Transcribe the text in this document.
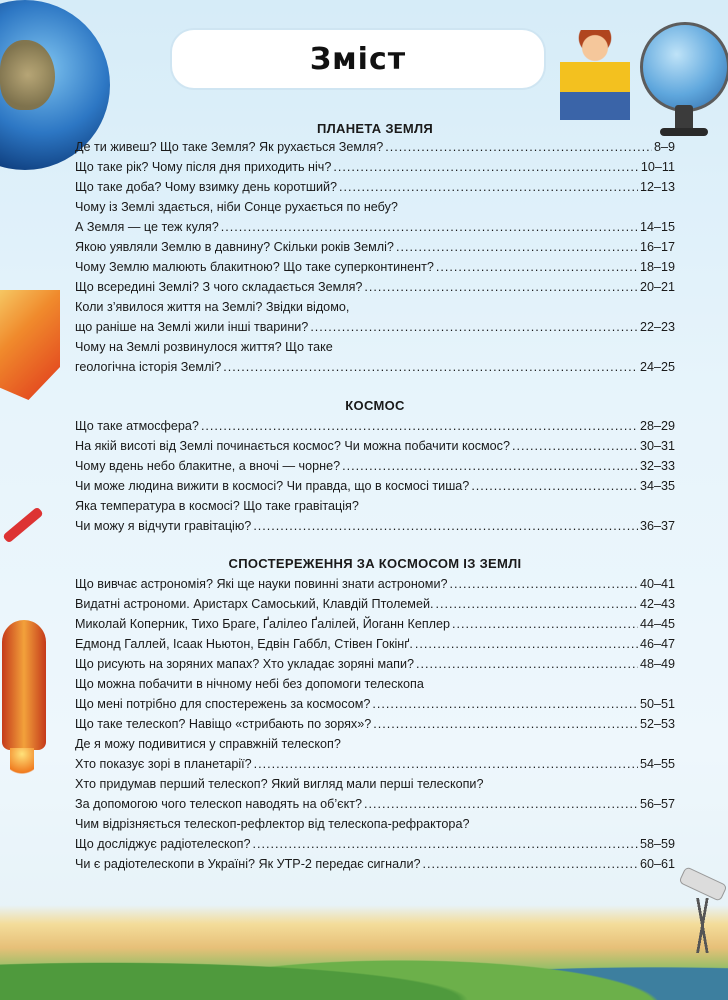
Зміст
ПЛАНЕТА ЗЕМЛЯ
Де ти живеш? Що таке Земля? Як рухається Земля? .....	8–9
Що таке рік? Чому після дня приходить ніч? .....	10–11
Що таке доба? Чому взимку день коротший? .....	12–13
Чому із Землі здається, ніби Сонце рухається по небу?
А Земля — це теж куля? .....	14–15
Якою уявляли Землю в давнину? Скільки років Землі? .....	16–17
Чому Землю малюють блакитною? Що таке суперконтинент? .....	18–19
Що всередині Землі? З чого складається Земля? .....	20–21
Коли з’явилося життя на Землі? Звідки відомо,
що раніше на Землі жили інші тварини? .....	22–23
Чому на Землі розвинулося життя? Що таке
геологічна історія Землі? .....	24–25
КОСМОС
Що таке атмосфера? .....	28–29
На якій висоті від Землі починається космос? Чи можна побачити космос? .....	30–31
Чому вдень небо блакитне, а вночі — чорне? .....	32–33
Чи може людина вижити в космосі? Чи правда, що в космосі тиша? .....	34–35
Яка температура в космосі? Що таке гравітація?
Чи можу я відчути гравітацію? .....	36–37
СПОСТЕРЕЖЕННЯ ЗА КОСМОСОМ ІЗ ЗЕМЛІ
Що вивчає астрономія? Які ще науки повинні знати астрономи? .....	40–41
Видатні астрономи. Аристарх Самоський, Клавдій Птолемей. .....	42–43
Миколай Коперник, Тихо Браге, Ґалілео Ґалілей, Йоганн Кеплер .....	44–45
Едмонд Галлей, Ісаак Ньютон, Едвін Габбл, Стівен Гокінґ. .....	46–47
Що рисують на зоряних мапах? Хто укладає зоряні мапи? .....	48–49
Що можна побачити в нічному небі без допомоги телескопа
Що мені потрібно для спостережень за космосом? .....	50–51
Що таке телескоп? Навіщо «стрибають по зорях»? .....	52–53
Де я можу подивитися у справжній телескоп?
Хто показує зорі в планетарії? .....	54–55
Хто придумав перший телескоп? Який вигляд мали перші телескопи?
За допомогою чого телескоп наводять на об’єкт? .....	56–57
Чим відрізняється телескоп-рефлектор від телескопа-рефрактора?
Що досліджує радіотелескоп? .....	58–59
Чи є радіотелескопи в Україні? Як УТР-2 передає сигнали? .....	60–61
